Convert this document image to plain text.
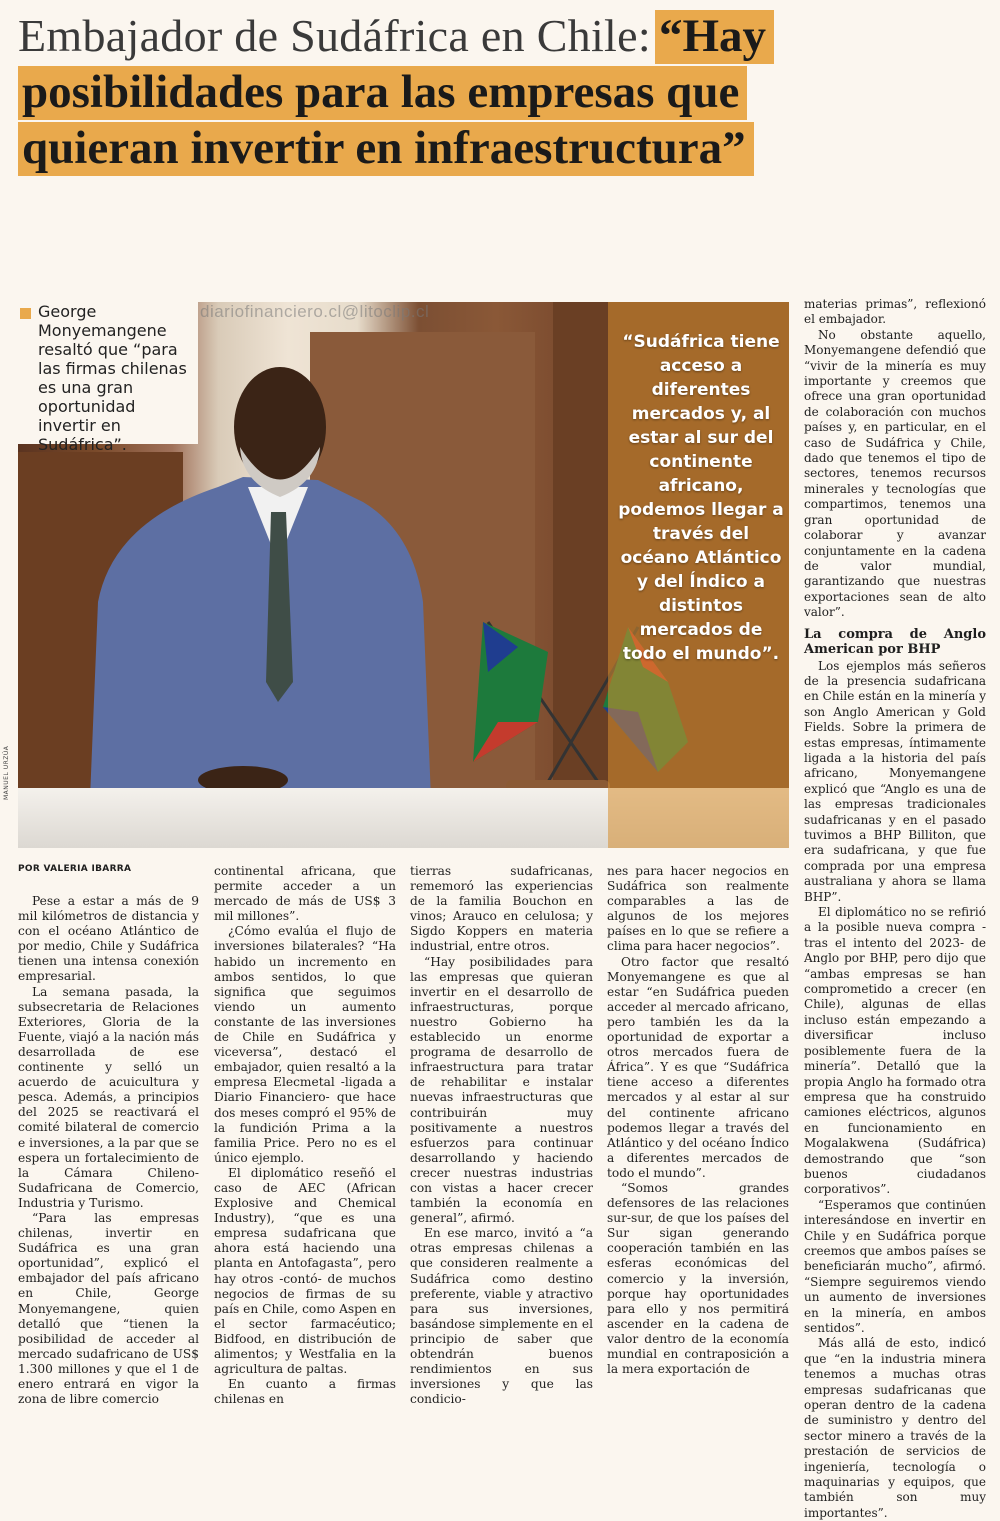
Embajador de Sudáfrica en Chile: “Hay posibilidades para las empresas que quieran invertir en infraestructura”
diariofinanciero.cl@litoclip.cl
George Monyemangene resaltó que “para las firmas chilenas es una gran oportunidad invertir en Sudáfrica”.
MANUEL URZÚA
“Sudáfrica tiene acceso a diferentes mercados y, al estar al sur del continente africano, podemos llegar a través del océano Atlántico y del Índico a distintos mercados de todo el mundo”.
POR VALERIA IBARRA

Pese a estar a más de 9 mil kilómetros de distancia y con el océano Atlántico de por medio, Chile y Sudáfrica tienen una intensa conexión empresarial.

La semana pasada, la subsecretaria de Relaciones Exteriores, Gloria de la Fuente, viajó a la nación más desarrollada de ese continente y selló un acuerdo de acuicultura y pesca. Además, a principios del 2025 se reactivará el comité bilateral de comercio e inversiones, a la par que se espera un fortalecimiento de la Cámara Chileno-Sudafricana de Comercio, Industria y Turismo.

“Para las empresas chilenas, invertir en Sudáfrica es una gran oportunidad”, explicó el embajador del país africano en Chile, George Monyemangene, quien detalló que “tienen la posibilidad de acceder al mercado sudafricano de US$ 1.300 millones y que el 1 de enero entrará en vigor la zona de libre comercio

continental africana, que permite acceder a un mercado de más de US$ 3 mil millones”.

¿Cómo evalúa el flujo de inversiones bilaterales? “Ha habido un incremento en ambos sentidos, lo que significa que seguimos viendo un aumento constante de las inversiones de Chile en Sudáfrica y viceversa”, destacó el embajador, quien resaltó a la empresa Elecmetal -ligada a Diario Financiero- que hace dos meses compró el 95% de la fundición Prima a la familia Price. Pero no es el único ejemplo.

El diplomático reseñó el caso de AEC (African Explosive and Chemical Industry), “que es una empresa sudafricana que ahora está haciendo una planta en Antofagasta”, pero hay otros -contó- de muchos negocios de firmas de su país en Chile, como Aspen en el sector farmacéutico; Bidfood, en distribución de alimentos; y Westfalia en la agricultura de paltas.

En cuanto a firmas chilenas en

tierras sudafricanas, rememoró las experiencias de la familia Bouchon en vinos; Arauco en celulosa; y Sigdo Koppers en materia industrial, entre otros.

“Hay posibilidades para las empresas que quieran invertir en el desarrollo de infraestructuras, porque nuestro Gobierno ha establecido un enorme programa de desarrollo de infraestructura para tratar de rehabilitar e instalar nuevas infraestructuras que contribuirán muy positivamente a nuestros esfuerzos para continuar desarrollando y haciendo crecer nuestras industrias con vistas a hacer crecer también la economía en general”, afirmó.

En ese marco, invitó a “a otras empresas chilenas a que consideren realmente a Sudáfrica como destino preferente, viable y atractivo para sus inversiones, basándose simplemente en el principio de saber que obtendrán buenos rendimientos en sus inversiones y que las condicio-

nes para hacer negocios en Sudáfrica son realmente comparables a las de algunos de los mejores países en lo que se refiere a clima para hacer negocios”.

Otro factor que resaltó Monyemangene es que al estar “en Sudáfrica pueden acceder al mercado africano, pero también les da la oportunidad de exportar a otros mercados fuera de África”. Y es que “Sudáfrica tiene acceso a diferentes mercados y al estar al sur del continente africano podemos llegar a través del Atlántico y del océano Índico a diferentes mercados de todo el mundo”.

“Somos grandes defensores de las relaciones sur-sur, de que los países del Sur sigan generando cooperación también en las esferas económicas del comercio y la inversión, porque hay oportunidades para ello y nos permitirá ascender en la cadena de valor dentro de la economía mundial en contraposición a la mera exportación de

materias primas”, reflexionó el embajador.

No obstante aquello, Monyemangene defendió que “vivir de la minería es muy importante y creemos que ofrece una gran oportunidad de colaboración con muchos países y, en particular, en el caso de Sudáfrica y Chile, dado que tenemos el tipo de sectores, tenemos recursos minerales y tecnologías que compartimos, tenemos una gran oportunidad de colaborar y avanzar conjuntamente en la cadena de valor mundial, garantizando que nuestras exportaciones sean de alto valor”.

La compra de Anglo American por BHP

Los ejemplos más señeros de la presencia sudafricana en Chile están en la minería y son Anglo American y Gold Fields. Sobre la primera de estas empresas, íntimamente ligada a la historia del país africano, Monyemangene explicó que “Anglo es una de las empresas tradicionales sudafricanas y en el pasado tuvimos a BHP Billiton, que era sudafricana, y que fue comprada por una empresa australiana y ahora se llama BHP”.

El diplomático no se refirió a la posible nueva compra -tras el intento del 2023- de Anglo por BHP, pero dijo que “ambas empresas se han comprometido a crecer (en Chile), algunas de ellas incluso están empezando a diversificar incluso posiblemente fuera de la minería”. Detalló que la propia Anglo ha formado otra empresa que ha construido camiones eléctricos, algunos en funcionamiento en Mogalakwena (Sudáfrica) demostrando que “son buenos ciudadanos corporativos”.

“Esperamos que continúen interesándose en invertir en Chile y en Sudáfrica porque creemos que ambos países se beneficiarán mucho”, afirmó. “Siempre seguiremos viendo un aumento de inversiones en la minería, en ambos sentidos”.

Más allá de esto, indicó que “en la industria minera tenemos a muchas otras empresas sudafricanas que operan dentro de la cadena de suministro y dentro del sector minero a través de la prestación de servicios de ingeniería, tecnología o maquinarias y equipos, que también son muy importantes”.
